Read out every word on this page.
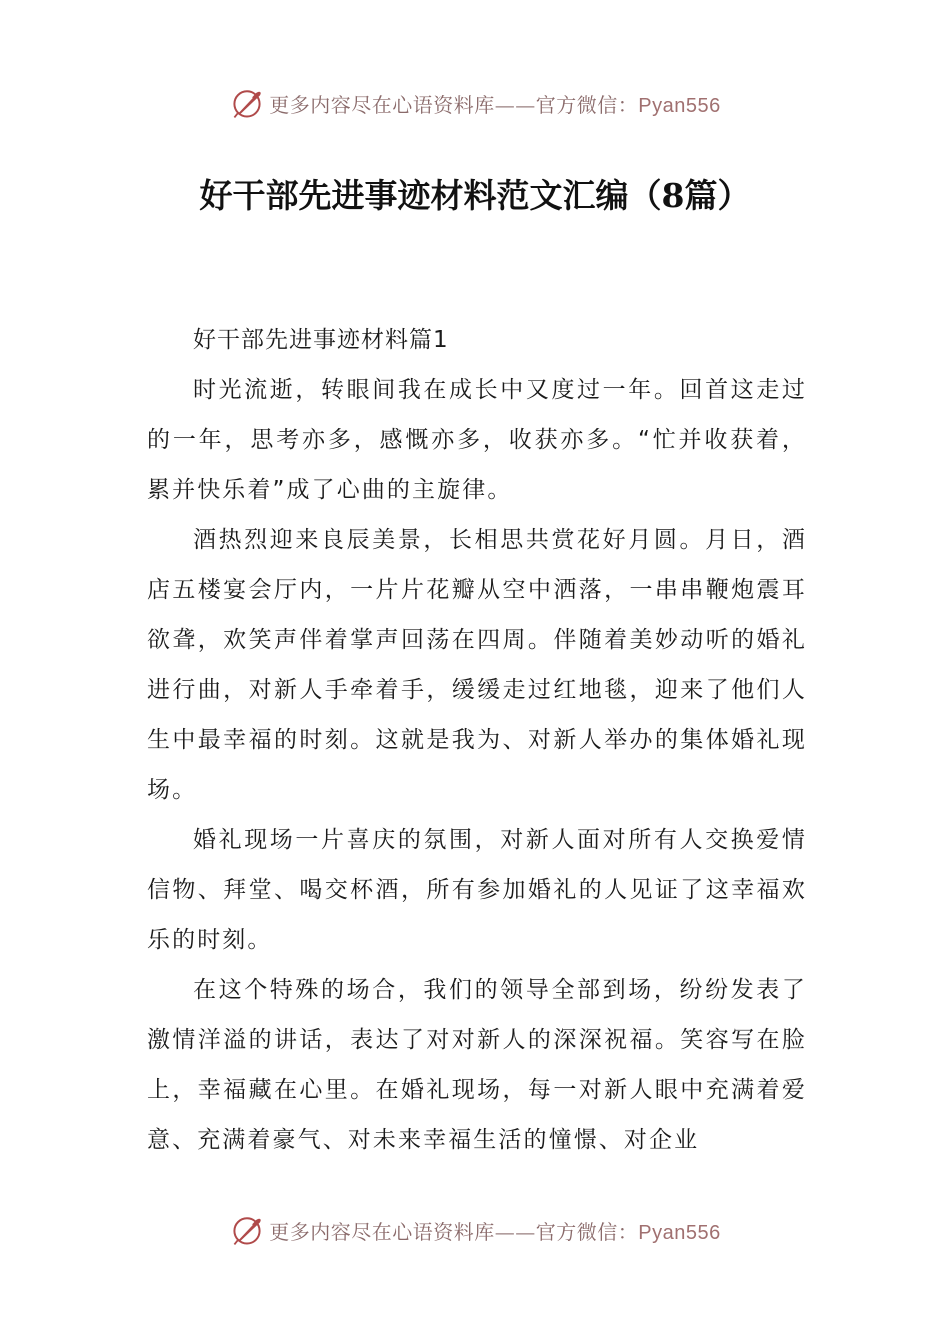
更多内容尽在心语资料库——官方微信：Pyan556
好干部先进事迹材料范文汇编（8篇）

好干部先进事迹材料篇1

时光流逝，转眼间我在成长中又度过一年。回首这走过的一年，思考亦多，感慨亦多，收获亦多。“忙并收获着，累并快乐着”成了心曲的主旋律。

酒热烈迎来良辰美景，长相思共赏花好月圆。月日，酒店五楼宴会厅内，一片片花瓣从空中洒落，一串串鞭炮震耳欲聋，欢笑声伴着掌声回荡在四周。伴随着美妙动听的婚礼进行曲，对新人手牵着手，缓缓走过红地毯，迎来了他们人生中最幸福的时刻。这就是我为、对新人举办的集体婚礼现场。

婚礼现场一片喜庆的氛围，对新人面对所有人交换爱情信物、拜堂、喝交杯酒，所有参加婚礼的人见证了这幸福欢乐的时刻。

在这个特殊的场合，我们的领导全部到场，纷纷发表了激情洋溢的讲话，表达了对对新人的深深祝福。笑容写在脸上，幸福藏在心里。在婚礼现场，每一对新人眼中充满着爱意、充满着豪气、对未来幸福生活的憧憬、对企业

更多内容尽在心语资料库——官方微信：Pyan556
